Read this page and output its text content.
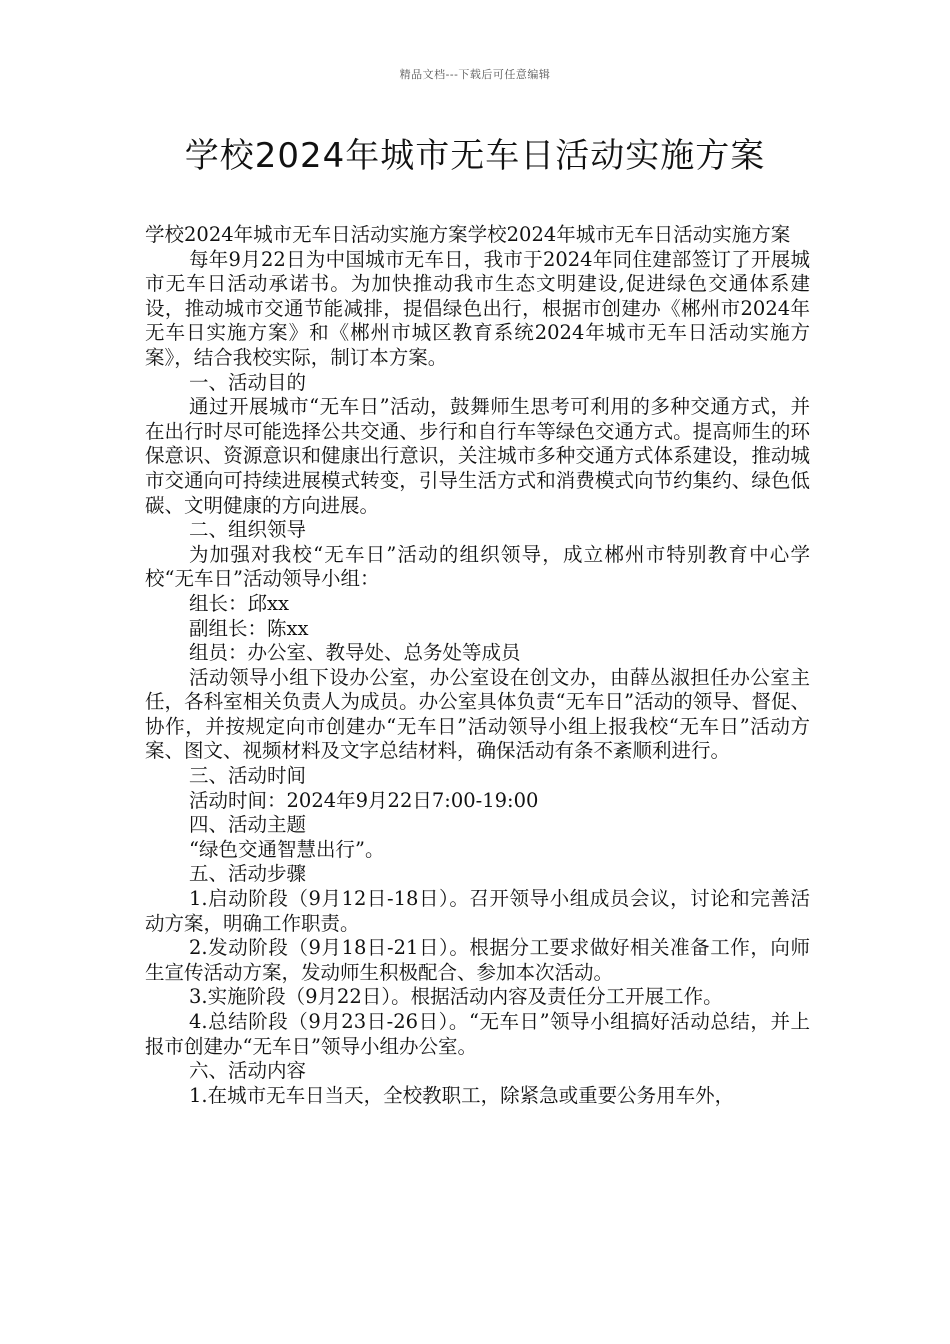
精品文档---下载后可任意编辑
学校2024年城市无车日活动实施方案

学校2024年城市无车日活动实施方案学校2024年城市无车日活动实施方案

每年9月22日为中国城市无车日，我市于2024年同住建部签订了开展城市无车日活动承诺书。为加快推动我市生态文明建设,促进绿色交通体系建设，推动城市交通节能减排，提倡绿色出行，根据市创建办《郴州市2024年无车日实施方案》和《郴州市城区教育系统2024年城市无车日活动实施方案》，结合我校实际，制订本方案。

一、活动目的

通过开展城市“无车日”活动，鼓舞师生思考可利用的多种交通方式，并在出行时尽可能选择公共交通、步行和自行车等绿色交通方式。提高师生的环保意识、资源意识和健康出行意识，关注城市多种交通方式体系建设，推动城市交通向可持续进展模式转变，引导生活方式和消费模式向节约集约、绿色低碳、文明健康的方向进展。

二、组织领导

为加强对我校“无车日”活动的组织领导，成立郴州市特别教育中心学校“无车日”活动领导小组：

组长：邱xx

副组长：陈xx

组员：办公室、教导处、总务处等成员

活动领导小组下设办公室，办公室设在创文办，由薛丛淑担任办公室主任，各科室相关负责人为成员。办公室具体负责“无车日”活动的领导、督促、协作，并按规定向市创建办“无车日”活动领导小组上报我校“无车日”活动方案、图文、视频材料及文字总结材料，确保活动有条不紊顺利进行。

三、活动时间

活动时间：2024年9月22日7:00-19:00

四、活动主题

“绿色交通智慧出行”。

五、活动步骤

1.启动阶段（9月12日-18日）。召开领导小组成员会议，讨论和完善活动方案，明确工作职责。

2.发动阶段（9月18日-21日）。根据分工要求做好相关准备工作，向师生宣传活动方案，发动师生积极配合、参加本次活动。

3.实施阶段（9月22日）。根据活动内容及责任分工开展工作。

4.总结阶段（9月23日-26日）。“无车日”领导小组搞好活动总结，并上报市创建办“无车日”领导小组办公室。

六、活动内容

1.在城市无车日当天，全校教职工，除紧急或重要公务用车外，
